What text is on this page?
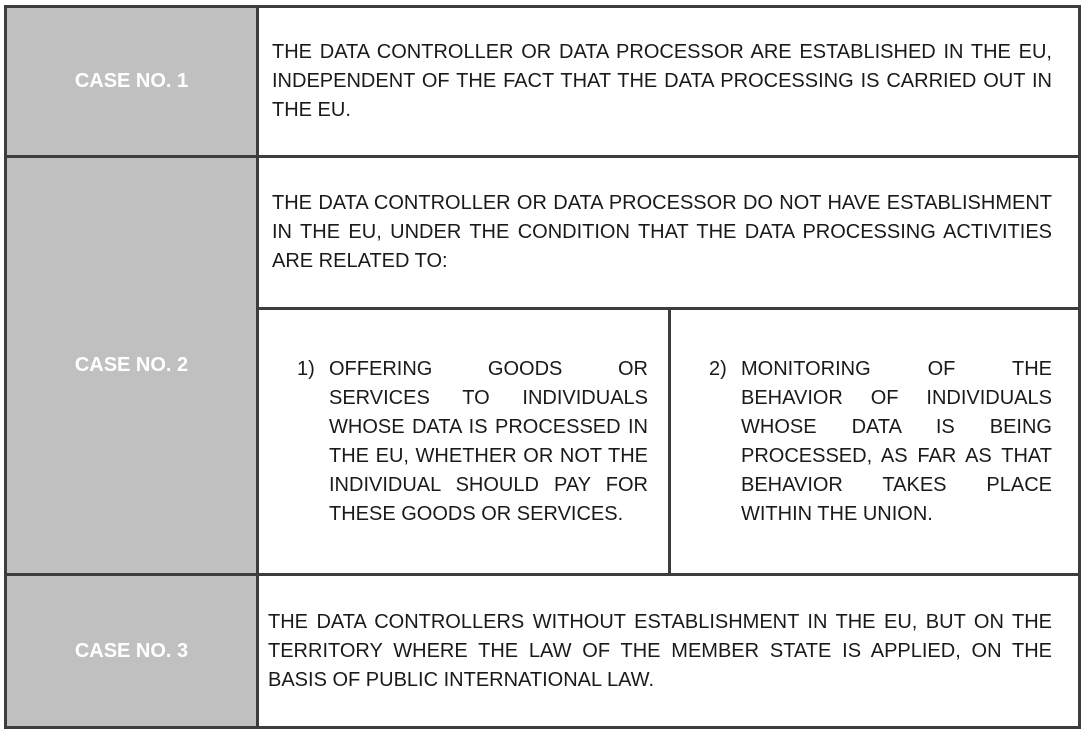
CASE NO. 1

THE DATA CONTROLLER OR DATA PROCESSOR ARE ESTABLISHED IN THE EU, INDEPENDENT OF THE FACT THAT THE DATA PROCESSING IS CARRIED OUT IN THE EU.

CASE NO. 2

THE DATA CONTROLLER OR DATA PROCESSOR DO NOT HAVE ESTABLISHMENT IN THE EU, UNDER THE CONDITION THAT THE DATA PROCESSING ACTIVITIES ARE RELATED TO:

1) OFFERING GOODS OR SERVICES TO INDIVIDUALS WHOSE DATA IS PROCESSED IN THE EU, WHETHER OR NOT THE INDIVIDUAL SHOULD PAY FOR THESE GOODS OR SERVICES.
2) MONITORING OF THE BEHAVIOR OF INDIVIDUALS WHOSE DATA IS BEING PROCESSED, AS FAR AS THAT BEHAVIOR TAKES PLACE WITHIN THE UNION.
CASE NO. 3

THE DATA CONTROLLERS WITHOUT ESTABLISHMENT IN THE EU, BUT ON THE TERRITORY WHERE THE LAW OF THE MEMBER STATE IS APPLIED, ON THE BASIS OF PUBLIC INTERNATIONAL LAW.
